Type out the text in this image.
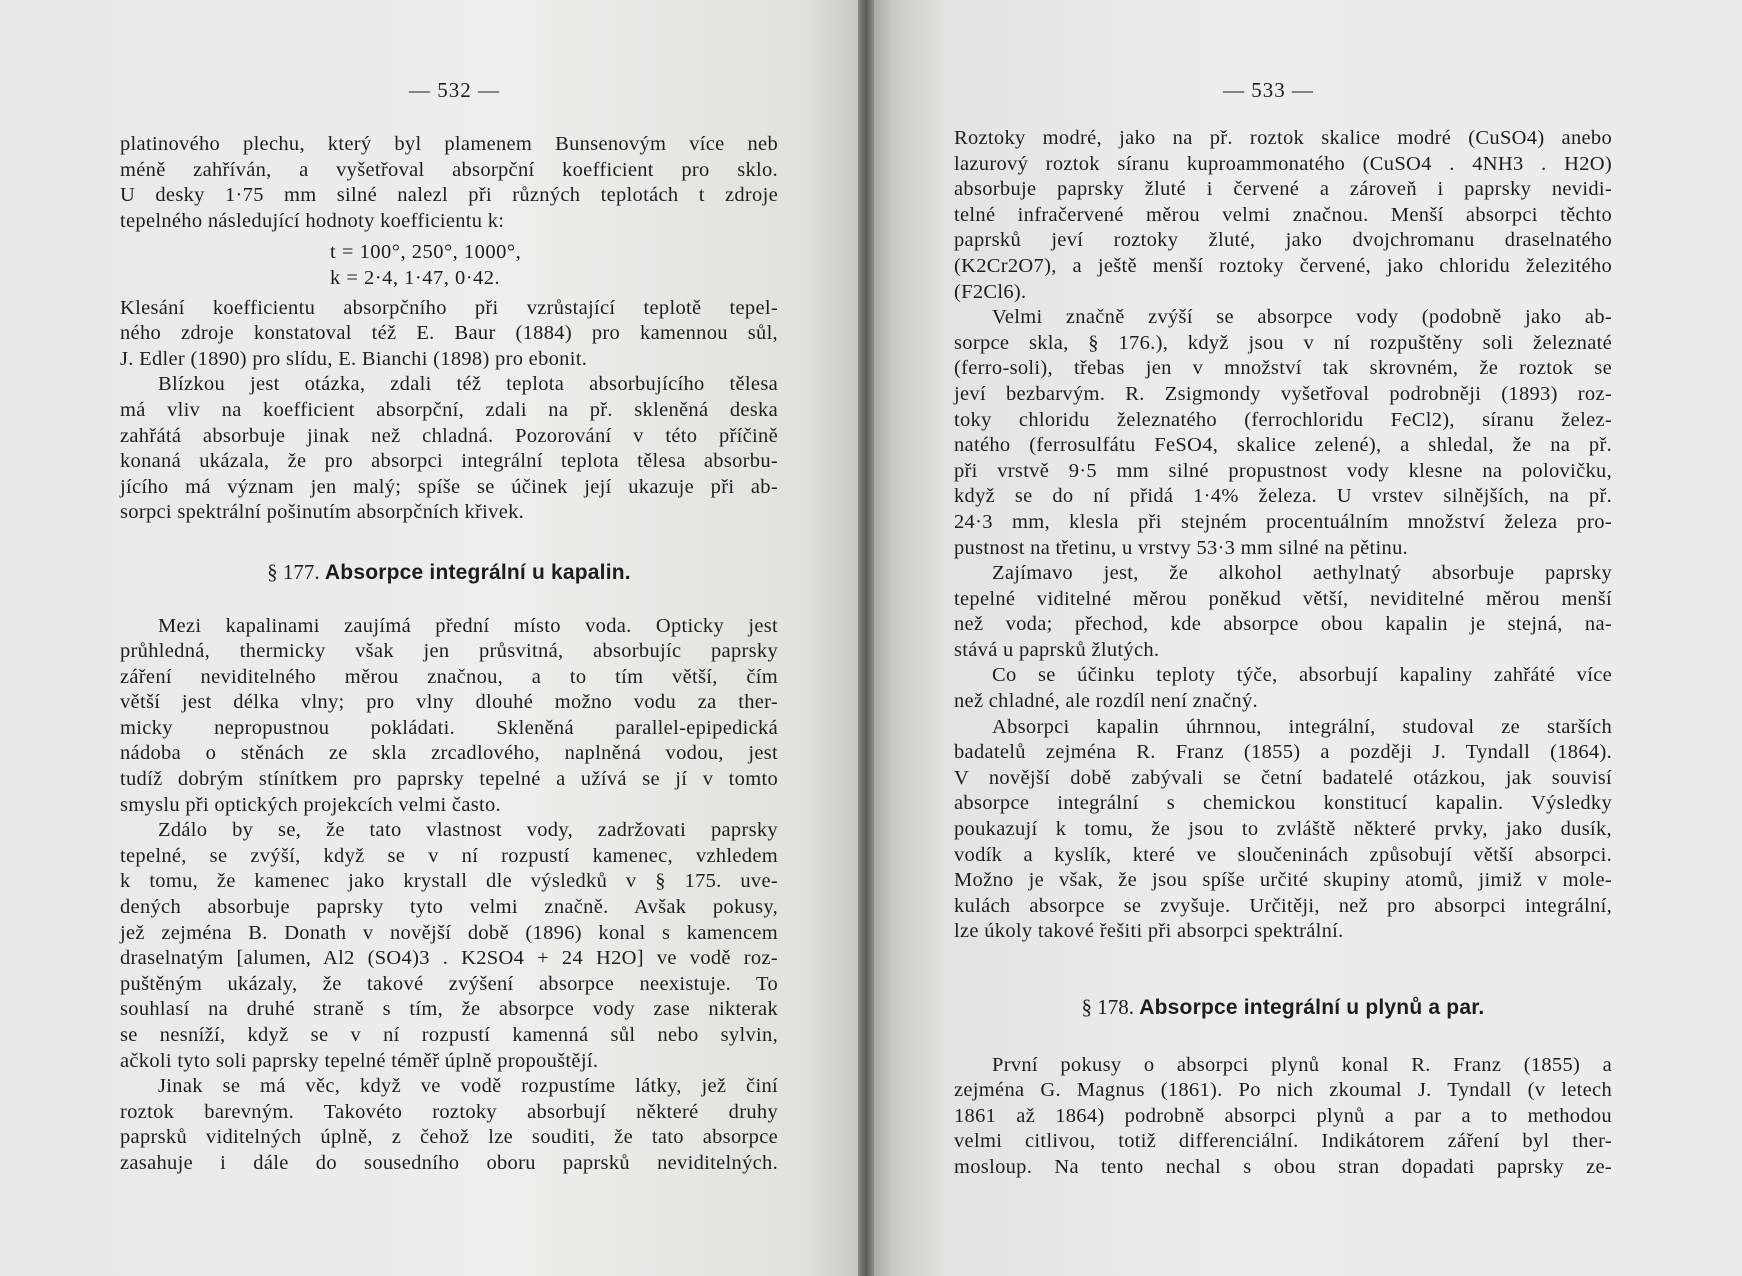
— 532 —
platinového plechu, který byl plamenem Bunsenovým více neb
méně zahříván, a vyšetřoval absorpční koefficient pro sklo.
U desky 1·75 mm silné nalezl při různých teplotách t zdroje
tepelného následující hodnoty koefficientu k:
t = 100°, 250°, 1000°,
k = 2·4, 1·47, 0·42.
Klesání koefficientu absorpčního při vzrůstající teplotě tepel-
ného zdroje konstatoval též E. Baur (1884) pro kamennou sůl,
J. Edler (1890) pro slídu, E. Bianchi (1898) pro ebonit.
Blízkou jest otázka, zdali též teplota absorbujícího tělesa
má vliv na koefficient absorpční, zdali na př. skleněná deska
zahřátá absorbuje jinak než chladná. Pozorování v této příčině
konaná ukázala, že pro absorpci integrální teplota tělesa absorbu-
jícího má význam jen malý; spíše se účinek její ukazuje při ab-
sorpci spektrální pošinutím absorpčních křivek.
§ 177. Absorpce integrální u kapalin.
Mezi kapalinami zaujímá přední místo voda. Opticky jest
průhledná, thermicky však jen průsvitná, absorbujíc paprsky
záření neviditelného měrou značnou, a to tím větší, čím
větší jest délka vlny; pro vlny dlouhé možno vodu za ther-
micky nepropustnou pokládati. Skleněná parallel-epipedická
nádoba o stěnách ze skla zrcadlového, naplněná vodou, jest
tudíž dobrým stínítkem pro paprsky tepelné a užívá se jí v tomto
smyslu při optických projekcích velmi často.
Zdálo by se, že tato vlastnost vody, zadržovati paprsky
tepelné, se zvýší, když se v ní rozpustí kamenec, vzhledem
k tomu, že kamenec jako krystall dle výsledků v § 175. uve-
dených absorbuje paprsky tyto velmi značně. Avšak pokusy,
jež zejména B. Donath v novější době (1896) konal s kamencem
draselnatým [alumen, Al2 (SO4)3 . K2SO4 + 24 H2O] ve vodě roz-
puštěným ukázaly, že takové zvýšení absorpce neexistuje. To
souhlasí na druhé straně s tím, že absorpce vody zase nikterak
se nesníží, když se v ní rozpustí kamenná sůl nebo sylvin,
ačkoli tyto soli paprsky tepelné téměř úplně propouštějí.
Jinak se má věc, když ve vodě rozpustíme látky, jež činí
roztok barevným. Takovéto roztoky absorbují některé druhy
paprsků viditelných úplně, z čehož lze souditi, že tato absorpce
zasahuje i dále do sousedního oboru paprsků neviditelných.
— 533 —
Roztoky modré, jako na př. roztok skalice modré (CuSO4) anebo
lazurový roztok síranu kuproammonatého (CuSO4 . 4NH3 . H2O)
absorbuje paprsky žluté i červené a zároveň i paprsky nevidi-
telné infračervené měrou velmi značnou. Menší absorpci těchto
paprsků jeví roztoky žluté, jako dvojchromanu draselnatého
(K2Cr2O7), a ještě menší roztoky červené, jako chloridu železitého
(F2Cl6).
Velmi značně zvýší se absorpce vody (podobně jako ab-
sorpce skla, § 176.), když jsou v ní rozpuštěny soli železnaté
(ferro-soli), třebas jen v množství tak skrovném, že roztok se
jeví bezbarvým. R. Zsigmondy vyšetřoval podrobněji (1893) roz-
toky chloridu železnatého (ferrochloridu FeCl2), síranu želez-
natého (ferrosulfátu FeSO4, skalice zelené), a shledal, že na př.
při vrstvě 9·5 mm silné propustnost vody klesne na polovičku,
když se do ní přidá 1·4% železa. U vrstev silnějších, na př.
24·3 mm, klesla při stejném procentuálním množství železa pro-
pustnost na třetinu, u vrstvy 53·3 mm silné na pětinu.
Zajímavo jest, že alkohol aethylnatý absorbuje paprsky
tepelné viditelné měrou poněkud větší, neviditelné měrou menší
než voda; přechod, kde absorpce obou kapalin je stejná, na-
stává u paprsků žlutých.
Co se účinku teploty týče, absorbují kapaliny zahřáté více
než chladné, ale rozdíl není značný.
Absorpci kapalin úhrnnou, integrální, studoval ze starších
badatelů zejména R. Franz (1855) a později J. Tyndall (1864).
V novější době zabývali se četní badatelé otázkou, jak souvisí
absorpce integrální s chemickou konstitucí kapalin. Výsledky
poukazují k tomu, že jsou to zvláště některé prvky, jako dusík,
vodík a kyslík, které ve sloučeninách způsobují větší absorpci.
Možno je však, že jsou spíše určité skupiny atomů, jimiž v mole-
kulách absorpce se zvyšuje. Určitěji, než pro absorpci integrální,
lze úkoly takové řešiti při absorpci spektrální.
§ 178. Absorpce integrální u plynů a par.
První pokusy o absorpci plynů konal R. Franz (1855) a
zejména G. Magnus (1861). Po nich zkoumal J. Tyndall (v letech
1861 až 1864) podrobně absorpci plynů a par a to methodou
velmi citlivou, totiž differenciální. Indikátorem záření byl ther-
mosloup. Na tento nechal s obou stran dopadati paprsky ze-
